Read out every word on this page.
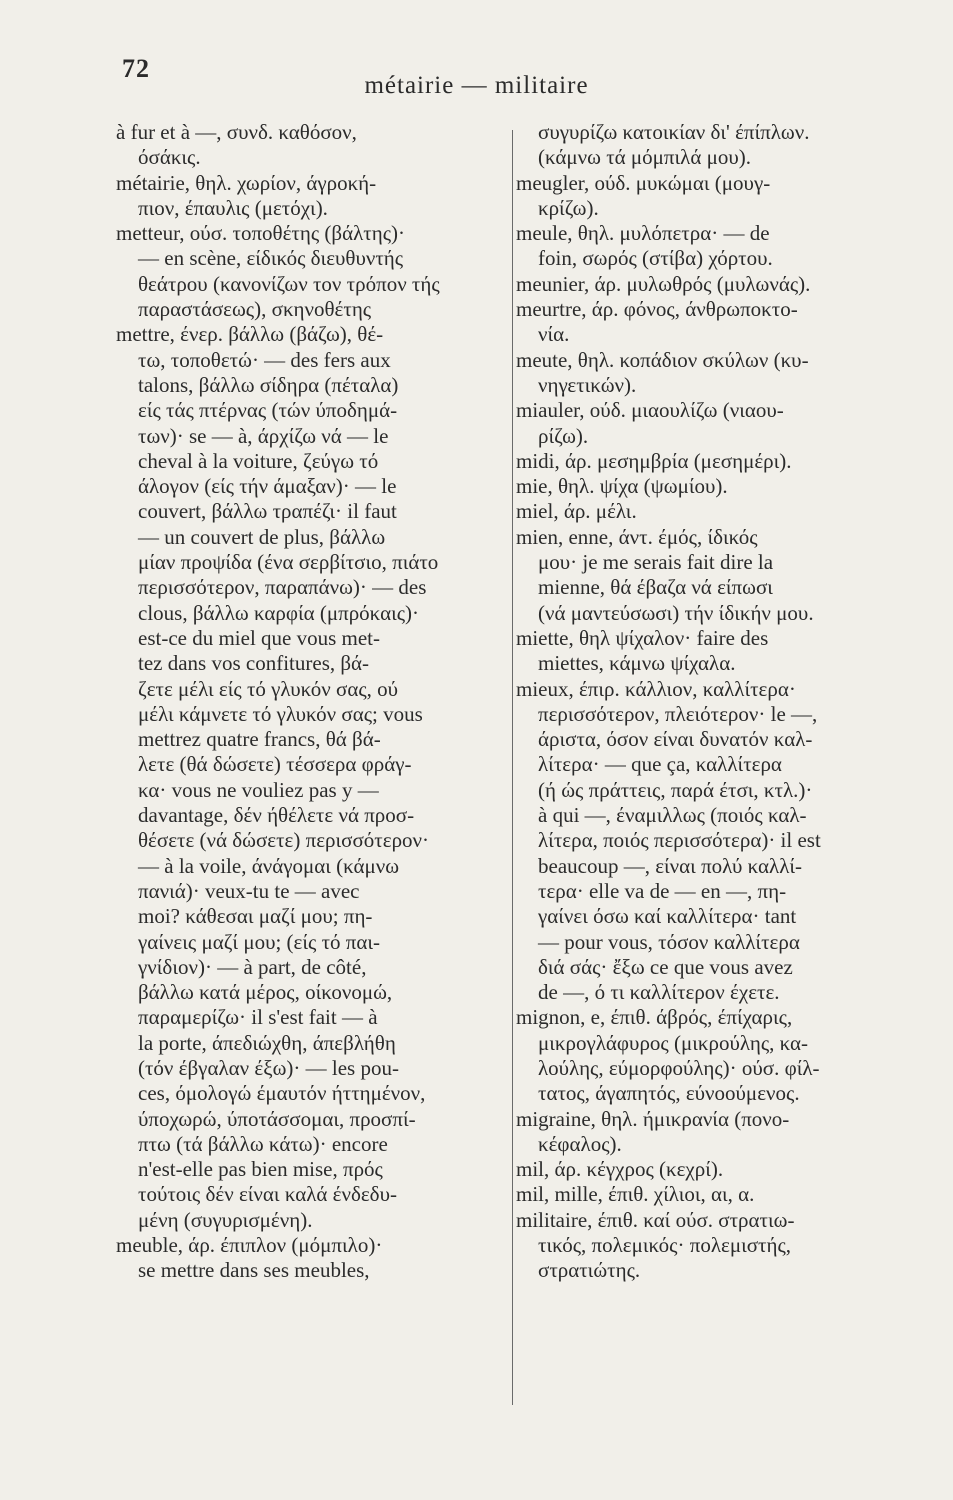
72
métairie — militaire
à fur et à —, συνδ. καθόσον,
όσάκις.
métairie, θηλ. χωρίον, άγροκή-
πιον, έπαυλις (μετόχι).
metteur, ούσ. τοποθέτης (βάλτης)·
— en scène, είδικός διευθυντής
θεάτρου (κανονίζων τον τρόπον τής
παραστάσεως), σκηνοθέτης
mettre, ένερ. βάλλω (βάζω), θέ-
τω, τοποθετώ· — des fers aux
talons, βάλλω σίδηρα (πέταλα)
είς τάς πτέρνας (τών ύποδημά-
των)· se — à, άρχίζω νά — le
cheval à la voiture, ζεύγω τό
άλογον (είς τήν άμαξαν)· — le
couvert, βάλλω τραπέζι· il faut
— un couvert de plus, βάλλω
μίαν προψίδα (ένα σερβίτσιο, πιάτο
περισσότερον, παραπάνω)· — des
clous, βάλλω καρφία (μπρόκαις)·
est-ce du miel que vous met-
tez dans vos confitures, βά-
ζετε μέλι είς τό γλυκόν σας, ού
μέλι κάμνετε τό γλυκόν σας; vous
mettrez quatre francs, θά βά-
λετε (θά δώσετε) τέσσερα φράγ-
κα· vous ne vouliez pas y —
davantage, δέν ήθέλετε νά προσ-
θέσετε (νά δώσετε) περισσότερον·
— à la voile, άνάγομαι (κάμνω
πανιά)· veux-tu te — avec
moi? κάθεσαι μαζί μου; πη-
γαίνεις μαζί μου; (είς τό παι-
γνίδιον)· — à part, de côté,
βάλλω κατά μέρος, οίκονομώ,
παραμερίζω· il s'est fait — à
la porte, άπεδιώχθη, άπεβλήθη
(τόν έβγαλαν έξω)· — les pou-
ces, όμολογώ έμαυτόν ήττημένον,
ύποχωρώ, ύποτάσσομαι, προσπί-
πτω (τά βάλλω κάτω)· encore
n'est-elle pas bien mise, πρός
τούτοις δέν είναι καλά ένδεδυ-
μένη (συγυρισμένη).
meuble, άρ. έπιπλον (μόμπιλο)·
se mettre dans ses meubles,
συγυρίζω κατοικίαν δι' έπίπλων.
(κάμνω τά μόμπιλά μου).
meugler, ούδ. μυκώμαι (μουγ-
κρίζω).
meule, θηλ. μυλόπετρα· — de
foin, σωρός (στίβα) χόρτου.
meunier, άρ. μυλωθρός (μυλωνάς).
meurtre, άρ. φόνος, άνθρωποκτο-
νία.
meute, θηλ. κοπάδιον σκύλων (κυ-
νηγετικών).
miauler, ούδ. μιαουλίζω (νιαου-
ρίζω).
midi, άρ. μεσημβρία (μεσημέρι).
mie, θηλ. ψίχα (ψωμίου).
miel, άρ. μέλι.
mien, enne, άντ. έμός, ίδικός
μου· je me serais fait dire la
mienne, θά έβαζα νά είπωσι
(νά μαντεύσωσι) τήν ίδικήν μου.
miette, θηλ ψίχαλον· faire des
miettes, κάμνω ψίχαλα.
mieux, έπιρ. κάλλιον, καλλίτερα·
περισσότερον, πλειότερον· le —,
άριστα, όσον είναι δυνατόν καλ-
λίτερα· — que ça, καλλίτερα
(ή ώς πράττεις, παρά έτσι, κτλ.)·
à qui —, έναμιλλως (ποιός καλ-
λίτερα, ποιός περισσότερα)· il est
beaucoup —, είναι πολύ καλλί-
τερα· elle va de — en —, πη-
γαίνει όσω καί καλλίτερα· tant
— pour vous, τόσον καλλίτερα
διά σάς· ἔξω ce que vous avez
de —, ό τι καλλίτερον έχετε.
mignon, e, έπιθ. άβρός, έπίχαρις,
μικρογλάφυρος (μικρούλης, κα-
λούλης, εύμορφούλης)· ούσ. φίλ-
τατος, άγαπητός, εύνοούμενος.
migraine, θηλ. ήμικρανία (πονο-
κέφαλος).
mil, άρ. κέγχρος (κεχρί).
mil, mille, έπιθ. χίλιοι, αι, α.
militaire, έπιθ. καί ούσ. στρατιω-
τικός, πολεμικός· πολεμιστής,
στρατιώτης.
